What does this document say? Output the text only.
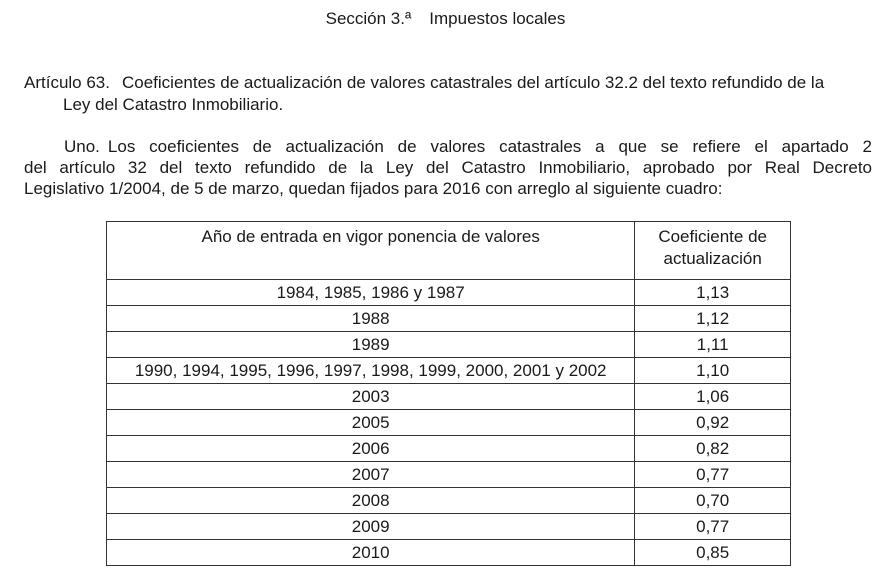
Sección 3.ª Impuestos locales
Artículo 63. Coeficientes de actualización de valores catastrales del artículo 32.2 del texto refundido de la
Ley del Catastro Inmobiliario.
Uno. Los coeficientes de actualización de valores catastrales a que se refiere el apartado 2
del artículo 32 del texto refundido de la Ley del Catastro Inmobiliario, aprobado por Real Decreto
Legislativo 1/2004, de 5 de marzo, quedan fijados para 2016 con arreglo al siguiente cuadro:
Año de entrada en vigor ponencia de valores	Coeficiente de
actualización
1984, 1985, 1986 y 1987	1,13
1988	1,12
1989	1,11
1990, 1994, 1995, 1996, 1997, 1998, 1999, 2000, 2001 y 2002	1,10
2003	1,06
2005	0,92
2006	0,82
2007	0,77
2008	0,70
2009	0,77
2010	0,85
